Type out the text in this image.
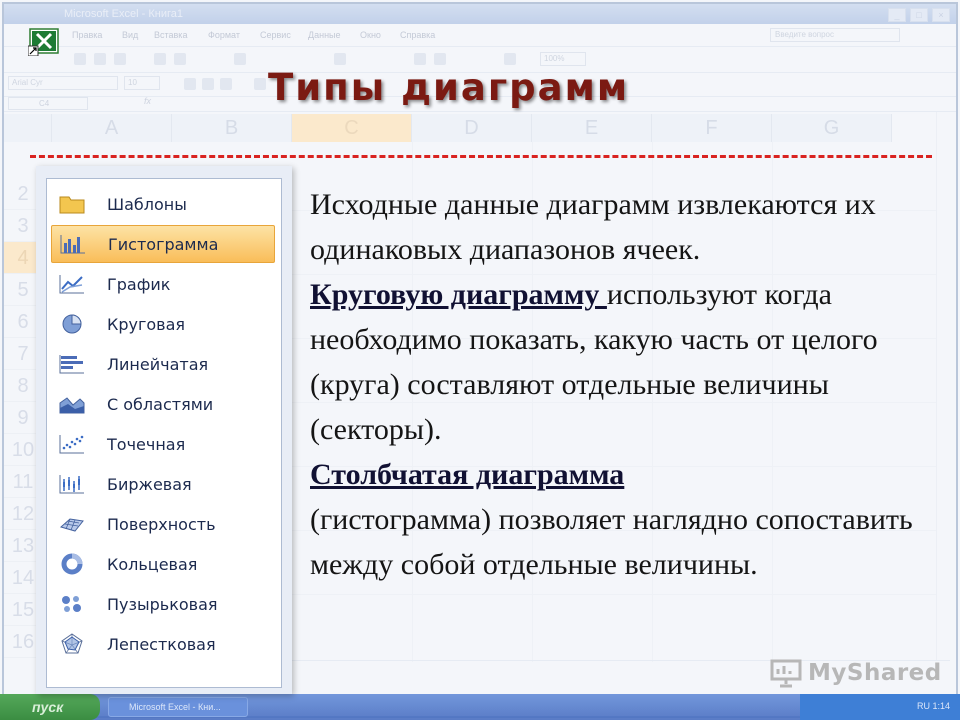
Microsoft Excel - Книга1	_	□	×
Правка Вид Вставка Формат Сервис Данные Окно Справка	Введите вопрос
100%
Arial Cyr	10
C4	fx
A	B	C	D	E	F	G
2
3
4
5
6
7
8
9
10
11
12
13
14
15
16
пуск	Microsoft Excel - Кни...	RU 1:14
Типы диаграмм
Шаблоны
Гистограмма
График
Круговая
Линейчатая
С областями
Точечная
Биржевая
Поверхность
Кольцевая
Пузырьковая
Лепестковая

Исходные данные диаграмм извлекаются их одинаковых диапазонов ячеек.

Круговую диаграмму используют когда необходимо показать, какую часть от целого (круга) составляют отдельные величины (секторы).

Столбчатая диаграмма
(гистограмма) позволяет наглядно сопоставить между собой отдельные величины.

MyShared
